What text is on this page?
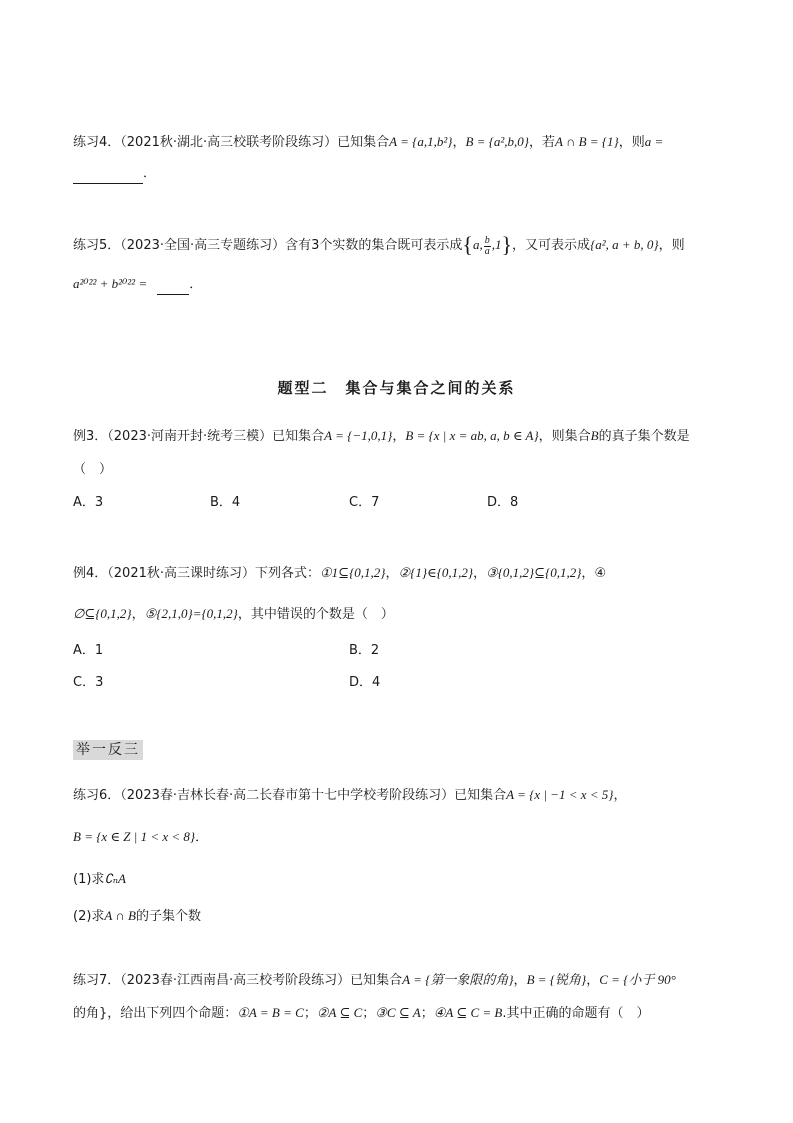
练习4．（2021秋·湖北·高三校联考阶段练习）已知集合A = {a,1,b²}，B = {a²,b,0}，若A ∩ B = {1}，则a =
．
练习5．（2023·全国·高三专题练习）含有3个实数的集合既可表示成{a, $\frac{b}{a} ,1$}，又可表示成{a², a + b, 0}，则
a²⁰²² + b²⁰²² =	．
题型二　集合与集合之间的关系
例3．（2023·河南开封·统考三模）已知集合A = {−1,0,1}，B = {x | x = ab, a, b ∈ A}，则集合B的真子集个数是
（　）
A．3	B．4	C．7	D．8
例4．（2021秋·高三课时练习）下列各式：①1⊆{0,1,2}，②{1}∈{0,1,2}，③{0,1,2}⊆{0,1,2}，④
∅⊆{0,1,2}，⑤{2,1,0}={0,1,2}，其中错误的个数是（　）
A．1	B．2
C．3	D．4
举一反三
练习6．（2023春·吉林长春·高二长春市第十七中学校考阶段练习）已知集合A = {x | −1 < x < 5}，
B = {x ∈ Z | 1 < x < 8}．
(1)求∁ₙA
(2)求A ∩ B的子集个数
练习7．（2023春·江西南昌·高三校考阶段练习）已知集合A = {第一象限的角}，B = {锐角}，C = {小于 90°
的角}，给出下列四个命题：①A = B = C；②A ⊆ C；③C ⊆ A；④A ⊆ C = B.其中正确的命题有（　）
